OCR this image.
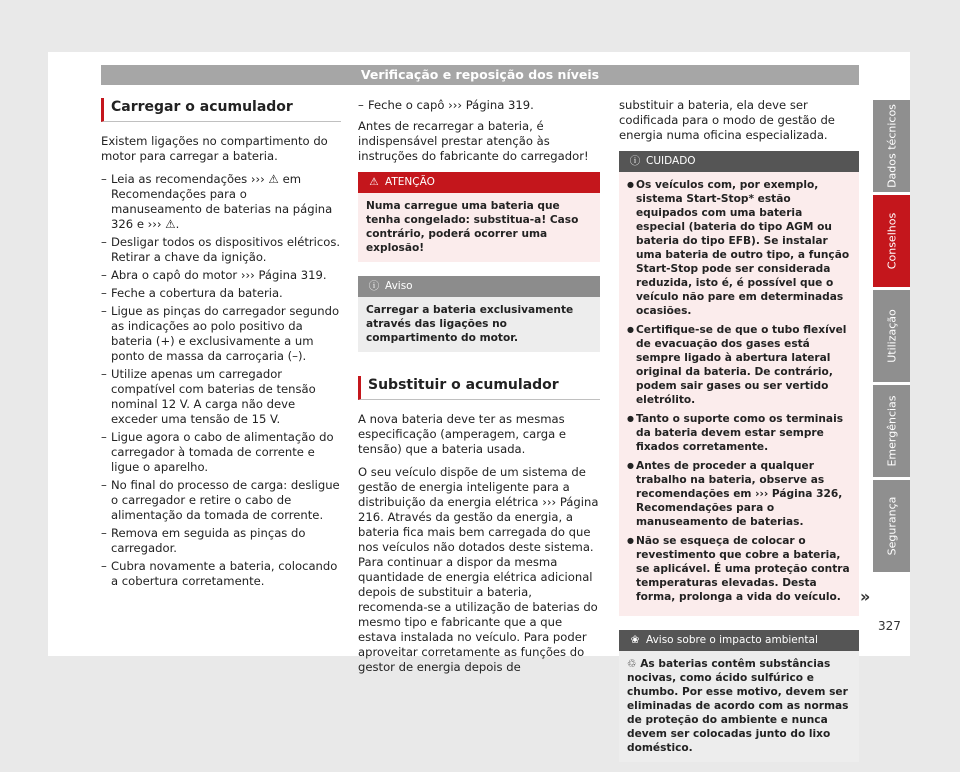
Verificação e reposição dos níveis
Carregar o acumulador

Existem ligações no compartimento do motor para carregar a bateria.

– Leia as recomendações ››› ⚠ em Recomendações para o manuseamento de baterias na página 326 e ››› ⚠.
– Desligar todos os dispositivos elétricos. Retirar a chave da ignição.
– Abra o capô do motor ››› Página 319.
– Feche a cobertura da bateria.
– Ligue as pinças do carregador segundo as indicações ao polo positivo da bateria (+) e exclusivamente a um ponto de massa da carroçaria (–).
– Utilize apenas um carregador compatível com baterias de tensão nominal 12 V. A carga não deve exceder uma tensão de 15 V.
– Ligue agora o cabo de alimentação do carregador à tomada de corrente e ligue o aparelho.
– No final do processo de carga: desligue o carregador e retire o cabo de alimentação da tomada de corrente.
– Remova em seguida as pinças do carregador.
– Cubra novamente a bateria, colocando a cobertura corretamente.
– Feche o capô ››› Página 319.

Antes de recarregar a bateria, é indispensável prestar atenção às instruções do fabricante do carregador!

⚠ ATENÇÃO
Numa carregue uma bateria que tenha congelado: substitua-a! Caso contrário, poderá ocorrer uma explosão!
ⓘ Aviso
Carregar a bateria exclusivamente através das ligações no compartimento do motor.
Substituir o acumulador

A nova bateria deve ter as mesmas especificação (amperagem, carga e tensão) que a bateria usada.

O seu veículo dispõe de um sistema de gestão de energia inteligente para a distribuição da energia elétrica ››› Página 216. Através da gestão da energia, a bateria fica mais bem carregada do que nos veículos não dotados deste sistema. Para continuar a dispor da mesma quantidade de energia elétrica adicional depois de substituir a bateria, recomenda-se a utilização de baterias do mesmo tipo e fabricante que a que estava instalada no veículo. Para poder aproveitar corretamente as funções do gestor de energia depois de

substituir a bateria, ela deve ser codificada para o modo de gestão de energia numa oficina especializada.

ⓘ CUIDADO
● Os veículos com, por exemplo, sistema Start-Stop* estão equipados com uma bateria especial (bateria do tipo AGM ou bateria do tipo EFB). Se instalar uma bateria de outro tipo, a função Start-Stop pode ser considerada reduzida, isto é, é possível que o veículo não pare em determinadas ocasiões.
● Certifique-se de que o tubo flexível de evacuação dos gases está sempre ligado à abertura lateral original da bateria. De contrário, podem sair gases ou ser vertido eletrólito.
● Tanto o suporte como os terminais da bateria devem estar sempre fixados corretamente.
● Antes de proceder a qualquer trabalho na bateria, observe as recomendações em ››› Página 326, Recomendações para o manuseamento de baterias.
● Não se esqueça de colocar o revestimento que cobre a bateria, se aplicável. É uma proteção contra temperaturas elevadas. Desta forma, prolonga a vida do veículo.
❀ Aviso sobre o impacto ambiental
♲ As baterias contêm substâncias nocivas, como ácido sulfúrico e chumbo. Por esse motivo, devem ser eliminadas de acordo com as normas de proteção do ambiente e nunca devem ser colocadas junto do lixo doméstico.
»
Dados técnicos
Conselhos
Utilização
Emergências
Segurança
327
